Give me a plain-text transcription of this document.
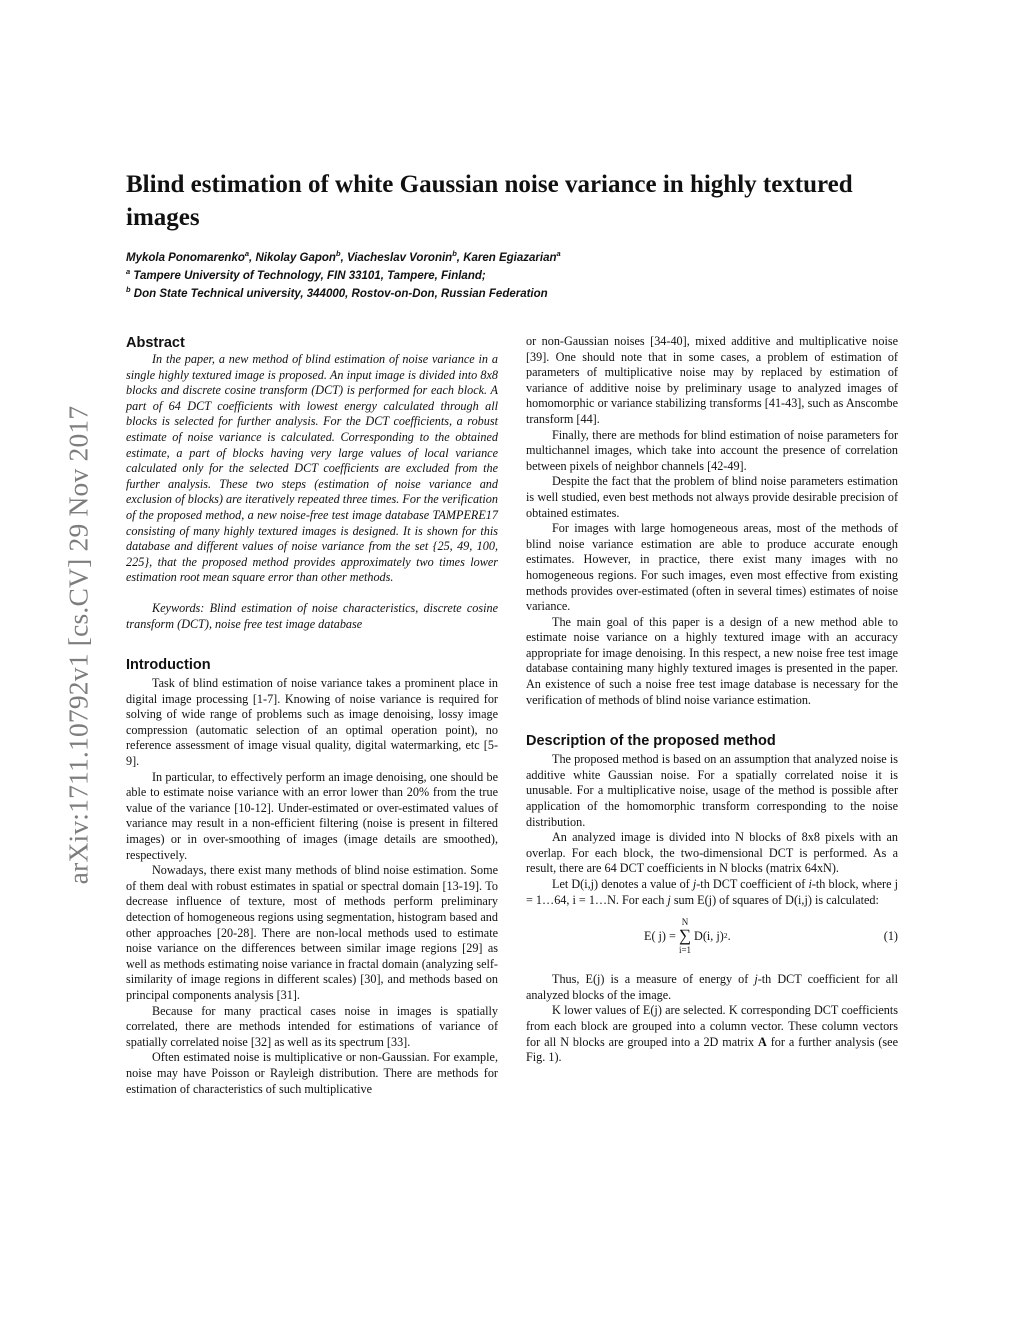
arXiv:1711.10792v1 [cs.CV] 29 Nov 2017
Blind estimation of white Gaussian noise variance in highly textured images
Mykola Ponomarenko$^a$, Nikolay Gapon$^b$, Viacheslav Voronin$^b$, Karen Egiazarian$^a$
$^a$ Tampere University of Technology, FIN 33101, Tampere, Finland;
$^b$ Don State Technical university, 344000, Rostov-on-Don, Russian Federation
Abstract

In the paper, a new method of blind estimation of noise variance in a single highly textured image is proposed. An input image is divided into 8x8 blocks and discrete cosine transform (DCT) is performed for each block. A part of 64 DCT coefficients with lowest energy calculated through all blocks is selected for further analysis. For the DCT coefficients, a robust estimate of noise variance is calculated. Corresponding to the obtained estimate, a part of blocks having very large values of local variance calculated only for the selected DCT coefficients are excluded from the further analysis. These two steps (estimation of noise variance and exclusion of blocks) are iteratively repeated three times. For the verification of the proposed method, a new noise-free test image database TAMPERE17 consisting of many highly textured images is designed. It is shown for this database and different values of noise variance from the set {25, 49, 100, 225}, that the proposed method provides approximately two times lower estimation root mean square error than other methods.

Keywords: Blind estimation of noise characteristics, discrete cosine transform (DCT), noise free test image database

Introduction

Task of blind estimation of noise variance takes a prominent place in digital image processing [1-7]. Knowing of noise variance is required for solving of wide range of problems such as image denoising, lossy image compression (automatic selection of an optimal operation point), no reference assessment of image visual quality, digital watermarking, etc [5-9].

In particular, to effectively perform an image denoising, one should be able to estimate noise variance with an error lower than 20% from the true value of the variance [10-12]. Under-estimated or over-estimated values of variance may result in a non-efficient filtering (noise is present in filtered images) or in over-smoothing of images (image details are smoothed), respectively.

Nowadays, there exist many methods of blind noise estimation. Some of them deal with robust estimates in spatial or spectral domain [13-19]. To decrease influence of texture, most of methods perform preliminary detection of homogeneous regions using segmentation, histogram based and other approaches [20-28]. There are non-local methods used to estimate noise variance on the differences between similar image regions [29] as well as methods estimating noise variance in fractal domain (analyzing self-similarity of image regions in different scales) [30], and methods based on principal components analysis [31].

Because for many practical cases noise in images is spatially correlated, there are methods intended for estimations of variance of spatially correlated noise [32] as well as its spectrum [33].

Often estimated noise is multiplicative or non-Gaussian. For example, noise may have Poisson or Rayleigh distribution. There are methods for estimation of characteristics of such multiplicative

or non-Gaussian noises [34-40], mixed additive and multiplicative noise [39]. One should note that in some cases, a problem of estimation of parameters of multiplicative noise may by replaced by estimation of variance of additive noise by preliminary usage to analyzed images of homomorphic or variance stabilizing transforms [41-43], such as Anscombe transform [44].

Finally, there are methods for blind estimation of noise parameters for multichannel images, which take into account the presence of correlation between pixels of neighbor channels [42-49].

Despite the fact that the problem of blind noise parameters estimation is well studied, even best methods not always provide desirable precision of obtained estimates.

For images with large homogeneous areas, most of the methods of blind noise variance estimation are able to produce accurate enough estimates. However, in practice, there exist many images with no homogeneous regions. For such images, even most effective from existing methods provides over-estimated (often in several times) estimates of noise variance.

The main goal of this paper is a design of a new method able to estimate noise variance on a highly textured image with an accuracy appropriate for image denoising. In this respect, a new noise free test image database containing many highly textured images is presented in the paper. An existence of such a noise free test image database is necessary for the verification of methods of blind noise variance estimation.

Description of the proposed method

The proposed method is based on an assumption that analyzed noise is additive white Gaussian noise. For a spatially correlated noise it is unusable. For a multiplicative noise, usage of the method is possible after application of the homomorphic transform corresponding to the noise distribution.

An analyzed image is divided into N blocks of 8x8 pixels with an overlap. For each block, the two-dimensional DCT is performed. As a result, there are 64 DCT coefficients in N blocks (matrix 64xN).

Let D(i,j) denotes a value of j-th DCT coefficient of i-th block, where j = 1…64, i = 1…N. For each j sum E(j) of squares of D(i,j) is calculated:

E( j) =
N
∑
i=1
D(i, j) 2 .	(1)

Thus, E(j) is a measure of energy of j-th DCT coefficient for all analyzed blocks of the image.

K lower values of E(j) are selected. K corresponding DCT coefficients from each block are grouped into a column vector. These column vectors for all N blocks are grouped into a 2D matrix A for a further analysis (see Fig. 1).
